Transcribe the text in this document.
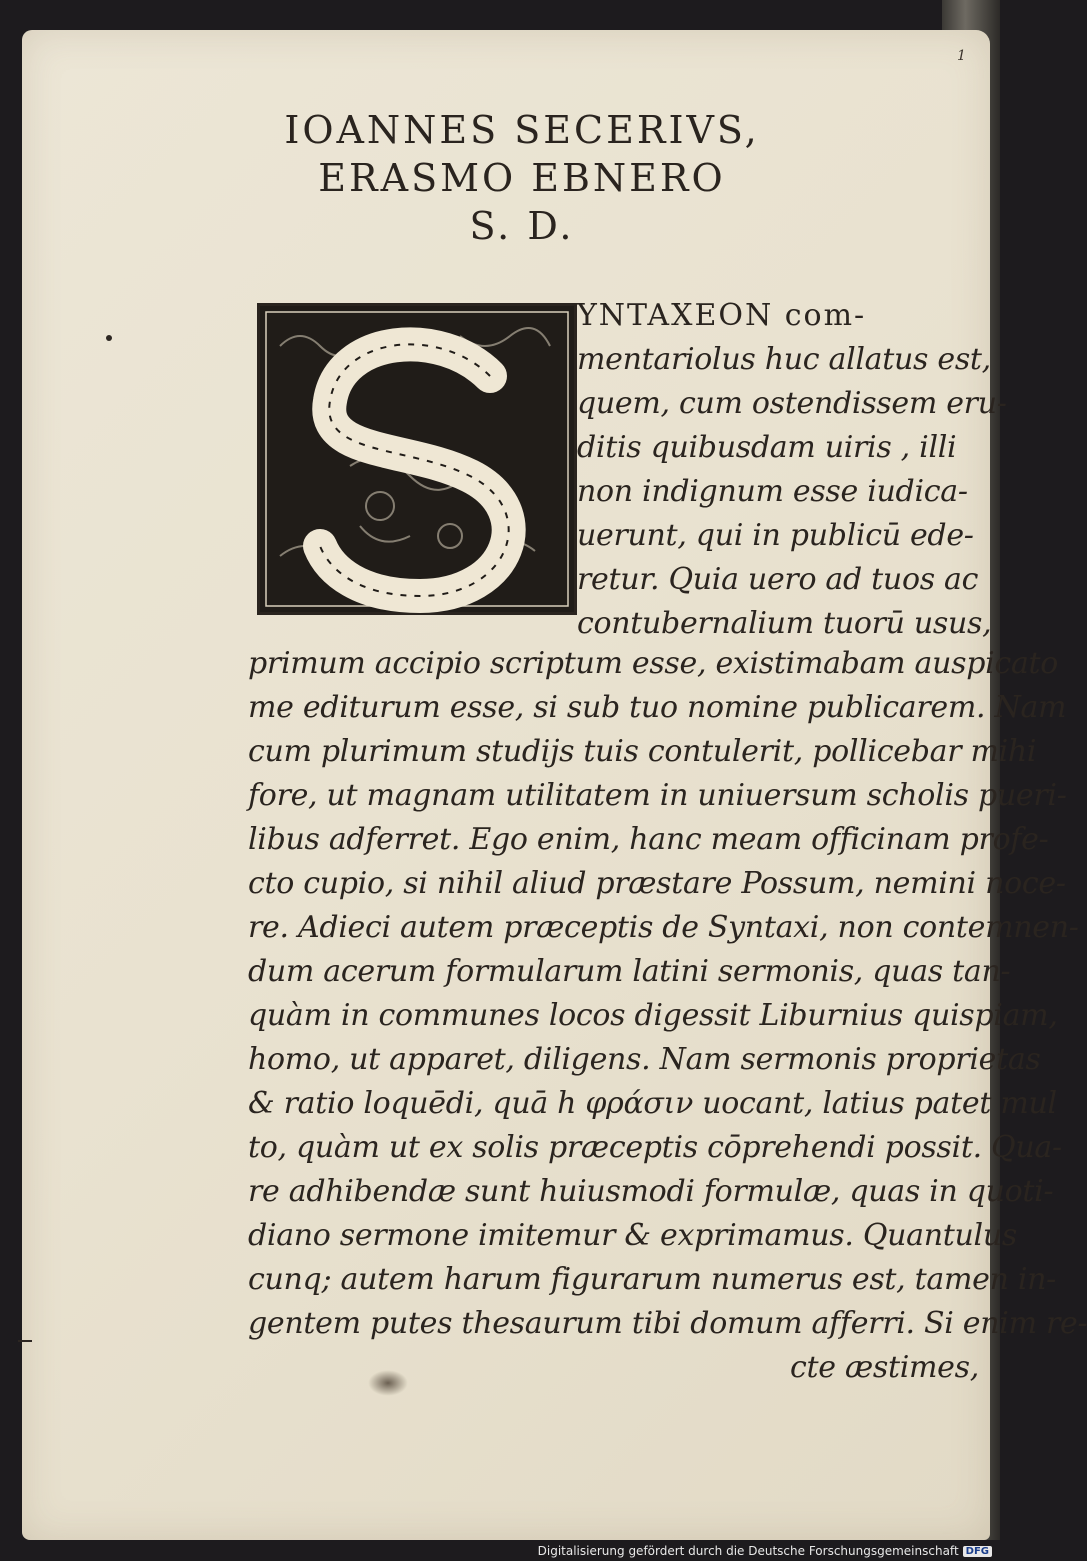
1
IOANNES SECERIVS,
ERASMO EBNERO
S. D.
YNTAXEON com-
mentariolus huc allatus est,
quem, cum ostendissem eru-
ditis quibusdam uiris , illi
non indignum esse iudica-
uerunt, qui in publicū ede-
retur. Quia uero ad tuos ac
contubernalium tuorū usus,
primum accipio scriptum esse, existimabam auspicato
me editurum esse, si sub tuo nomine publicarem. Nam
cum plurimum studijs tuis contulerit, pollicebar mihi
fore, ut magnam utilitatem in uniuersum scholis pueri-
libus adferret. Ego enim, hanc meam officinam profe-
cto cupio, si nihil aliud præstare Possum, nemini noce-
re. Adieci autem præceptis de Syntaxi, non contemnen-
dum acerum formularum latini sermonis, quas tan-
quàm in communes locos digessit Liburnius quispiam,
homo, ut apparet, diligens. Nam sermonis proprietas
& ratio loquēdi, quā h φράσιν uocant, latius patet mul
to, quàm ut ex solis præceptis cōprehendi possit. Qua-
re adhibendæ sunt huiusmodi formulæ, quas in quoti-
diano sermone imitemur & exprimamus. Quantulus
cunq; autem harum figurarum numerus est, tamen in-
gentem putes thesaurum tibi domum afferri. Si enim re-
cte æstimes,
Digitalisierung gefördert durch die Deutsche Forschungsgemeinschaft DFG
